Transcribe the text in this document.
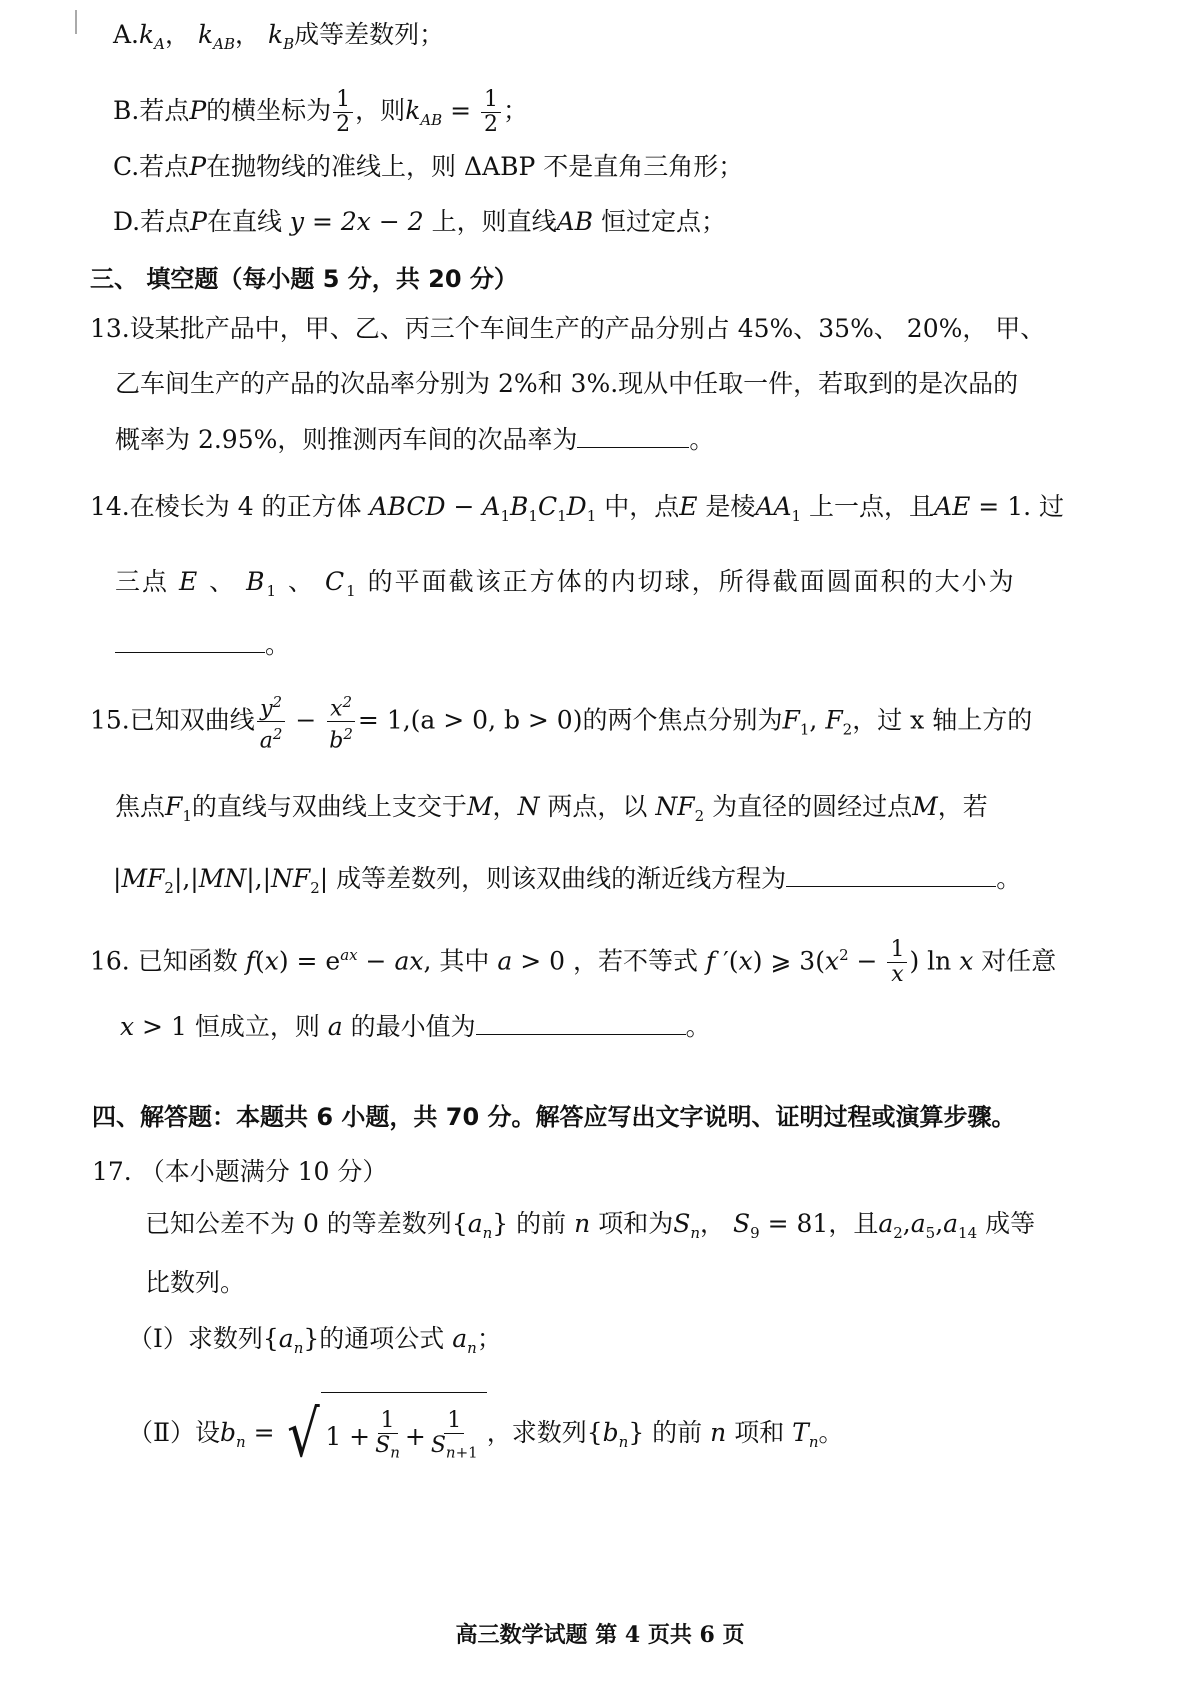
$A.k_A$， $k_{AB}$， $k_B$成等差数列；
B.若点P的横坐标为 $\frac{1}{2}$ ，则$k_{AB} = \frac{1}{2}$ ；
C.若点P在抛物线的准线上，则 ΔABP 不是直角三角形；
D.若点P在直线 y = 2x − 2 上，则直线AB 恒过定点；
三、 填空题（每小题 5 分，共 20 分）
13.设某批产品中，甲、乙、丙三个车间生产的产品分别占 45%、35%、 20%， 甲、
乙车间生产的产品的次品率分别为 2%和 3%.现从中任取一件，若取到的是次品的
概率为 2.95%，则推测丙车间的次品率为	。
14.在棱长为 4 的正方体 ABCD − $A_1B_1C_1D_1$ 中，点E 是棱$AA_1$ 上一点，且AE = 1. 过
三点 E 、 $B_1$ 、 $C_1$ 的平面截该正方体的内切球，所得截面圆面积的大小为
。
15.已知双曲线 $\frac{y^2}{a^2} - \frac{x^2}{b^2} = 1,(a > 0$, b > 0)的两个焦点分别为$F_1$, $F_2$，过 x 轴上方的
焦点$F_1$的直线与双曲线上支交于M，N 两点，以 $NF_2$ 为直径的圆经过点M，若
$|MF_2|,|MN|,|NF_2|$ 成等差数列，则该双曲线的渐近线方程为	。
16. 已知函数 $f(x) = e^{ax}$ − ax, 其中 a > 0 ，若不等式 f ′(x) ⩾ $3(x^2 - \frac{1}{x}$ ) ln x 对任意
x > 1 恒成立，则 a 的最小值为	。
四、解答题：本题共 6 小题，共 70 分。解答应写出文字说明、证明过程或演算步骤。
17. （本小题满分 10 分）
已知公差不为 0 的等差数列$\{a_n\}$ 的前 n 项和为$S_n$， $S_9 = 81$，且$a_2,a_5,a_{14}$ 成等
比数列。
（Ⅰ）求数列$\{a_n\}$的通项公式 $a_n$；
（Ⅱ）设$b_n$ = √ $1 + \frac{1}{S_n} + \frac{1}{S_{n+1}}$ ，求数列$\{b_n\}$ 的前 n 项和 $T_n$。
高三数学试题 第 4 页共 6 页
